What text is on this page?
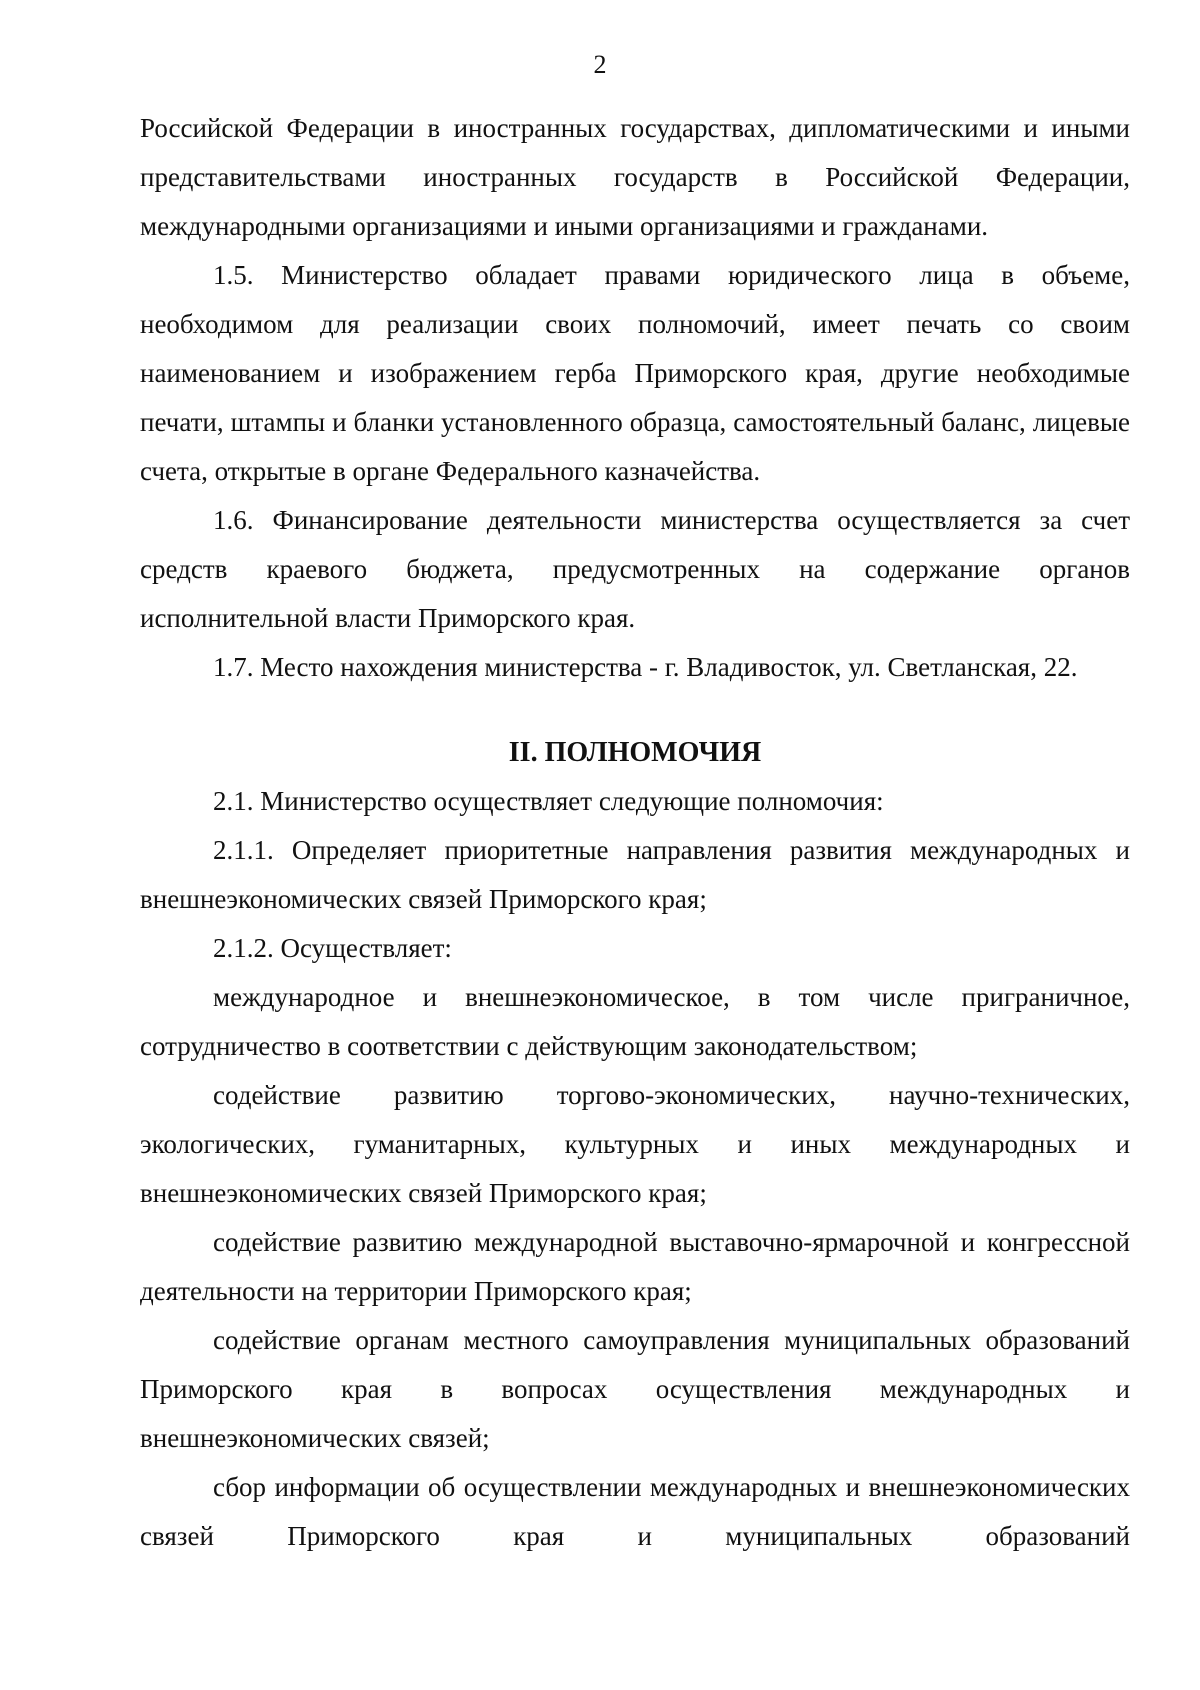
2

Российской Федерации в иностранных государствах, дипломатическими и иными представительствами иностранных государств в Российской Федерации, международными организациями и иными организациями и гражданами.

1.5. Министерство обладает правами юридического лица в объеме, необходимом для реализации своих полномочий, имеет печать со своим наименованием и изображением герба Приморского края, другие необходимые печати, штампы и бланки установленного образца, самостоятельный баланс, лицевые счета, открытые в органе Федерального казначейства.

1.6. Финансирование деятельности министерства осуществляется за счет средств краевого бюджета, предусмотренных на содержание органов исполнительной власти Приморского края.

1.7. Место нахождения министерства - г. Владивосток, ул. Светланская, 22.

II. ПОЛНОМОЧИЯ

2.1. Министерство осуществляет следующие полномочия:

2.1.1. Определяет приоритетные направления развития международных и внешнеэкономических связей Приморского края;

2.1.2. Осуществляет:

международное и внешнеэкономическое, в том числе приграничное, сотрудничество в соответствии с действующим законодательством;

содействие развитию торгово-экономических, научно-технических, экологических, гуманитарных, культурных и иных международных и внешнеэкономических связей Приморского края;

содействие развитию международной выставочно-ярмарочной и конгрессной деятельности на территории Приморского края;

содействие органам местного самоуправления муниципальных образований Приморского края в вопросах осуществления международных и внешнеэкономических связей;

сбор информации об осуществлении международных и внешнеэкономических связей Приморского края и муниципальных образований
